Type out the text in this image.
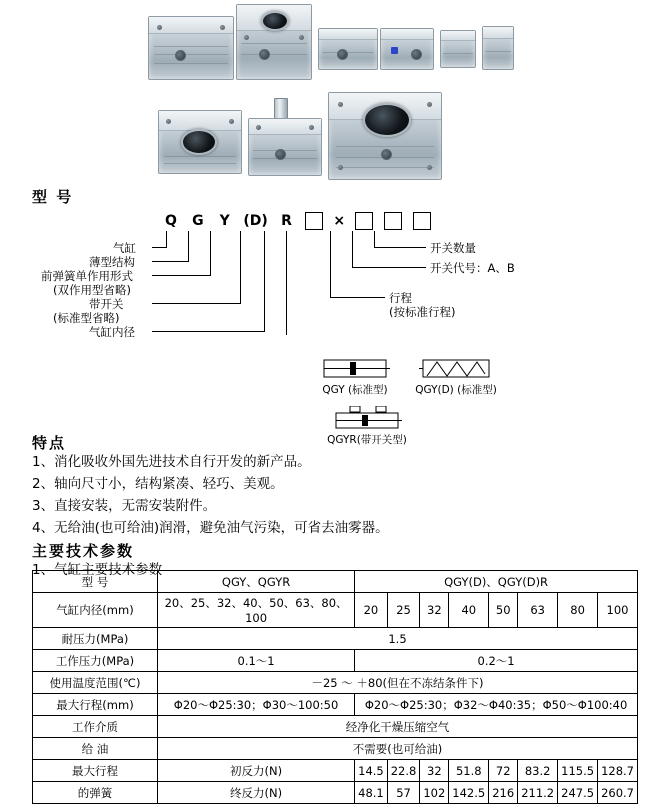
型 号
Q G Y (D) R	×
气缸
薄型结构
前弹簧单作用形式
(双作用型省略)
带开关
(标准型省略)
气缸内径
开关数量
开关代号：A、B
行程
(按标准行程)
QGY (标准型)	QGY(D) (标准型)
QGYR(带开关型)
特点
1、消化吸收外国先进技术自行开发的新产品。
2、轴向尺寸小，结构紧凑、轻巧、美观。
3、直接安装，无需安装附件。
4、无给油(也可给油)润滑，避免油气污染，可省去油雾器。
主要技术参数
1、气缸主要技术参数
型 号	QGY、QGYR	QGY(D)、QGY(D)R							
气缸内径(mm)	20、25、32、40、50、63、80、100	20	25	32	40	50	63	80	100
耐压力(MPa)	1.5								
工作压力(MPa)	0.1～1	0.2～1							
使用温度范围(℃)	－25 ～ ＋80(但在不冻结条件下)								
最大行程(mm)	Φ20～Φ25:30；Φ30～100:50	Φ20～Φ25:30；Φ32～Φ40:35；Φ50～Φ100:40							
工作介质	经净化干燥压缩空气								
给 油	不需要(也可给油)								
最大行程	初反力(N)	14.5	22.8	32	51.8	72	83.2	115.5	128.7
的弹簧	终反力(N)	48.1	57	102	142.5	216	211.2	247.5	260.7
